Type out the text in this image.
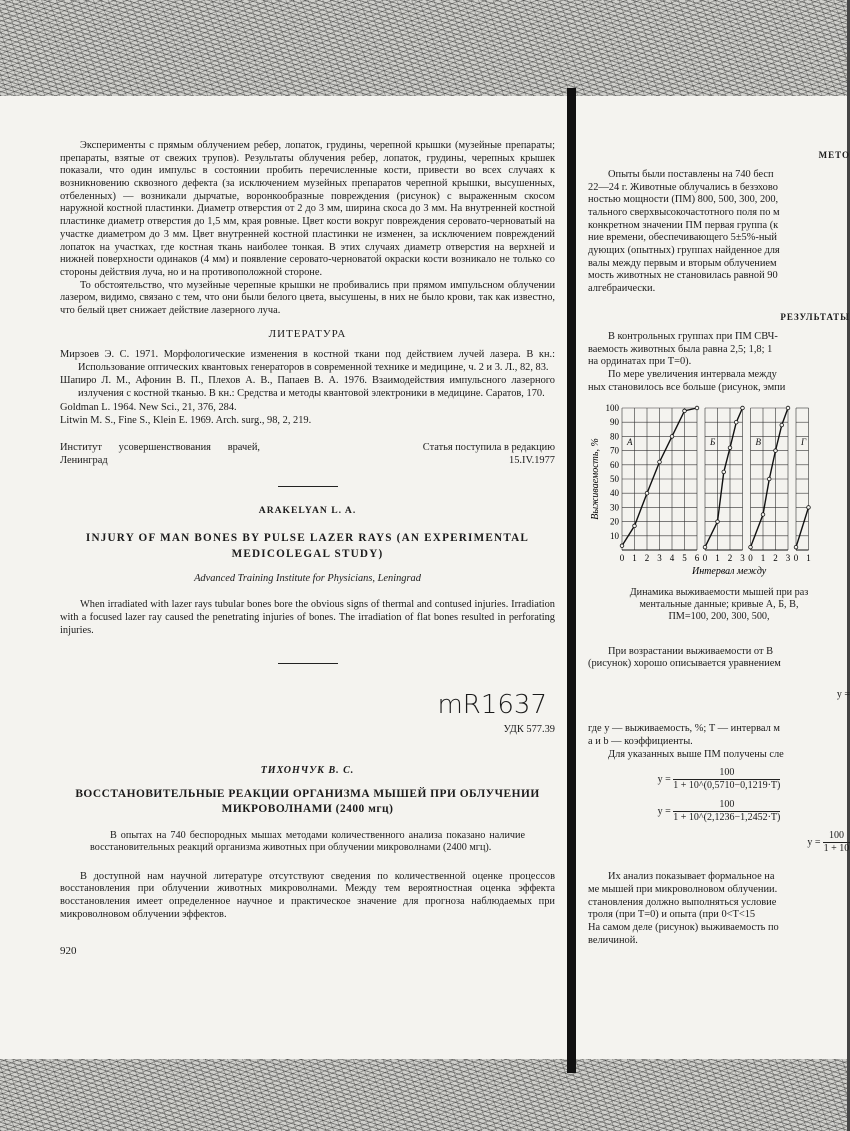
Эксперименты с прямым облучением ребер, лопаток, грудины, черепной крышки (музейные препараты; препараты, взятые от свежих трупов). Результаты облучения ребер, лопаток, грудины, черепных крышек показали, что один импульс в состоянии пробить перечисленные кости, привести во всех случаях к возникновению сквозного дефекта (за исключением музейных препаратов черепной крышки, высушенных, отбеленных) — возникали дырчатые, воронкообразные повреждения (рисунок) с выраженным скосом наружной костной пластинки. Диаметр отверстия от 2 до 3 мм, ширина скоса до 3 мм. На внутренней костной пластинке диаметр отверстия до 1,5 мм, края ровные. Цвет кости вокруг повреждения серовато-черноватый на участке диаметром до 3 мм. Цвет внутренней костной пластинки не изменен, за исключением повреждений лопаток на участках, где костная ткань наиболее тонкая. В этих случаях диаметр отверстия на верхней и нижней поверхности одинаков (4 мм) и появление серовато-черноватой окраски кости возникало не только со стороны действия луча, но и на противоположной стороне.

То обстоятельство, что музейные черепные крышки не пробивались при прямом импульсном облучении лазером, видимо, связано с тем, что они были белого цвета, высушены, в них не было крови, так как известно, что белый цвет снижает действие лазерного луча.

ЛИТЕРАТУРА

Мирзоев Э. С. 1971. Морфологические изменения в костной ткани под действием лучей лазера. В кн.: Использование оптических квантовых генераторов в современной технике и медицине, ч. 2 и 3. Л., 82, 83.

Шапиро Л. М., Афонин В. П., Плехов А. В., Папаев В. А. 1976. Взаимодействия импульсного лазерного излучения с костной тканью. В кн.: Средства и методы квантовой электроники в медицине. Саратов, 170.

Goldman L. 1964. New Sci., 21, 376, 284.

Litwin M. S., Fine S., Klein E. 1969. Arch. surg., 98, 2, 219.

Институт усовершенствования врачей, Ленинград
Статья поступила в редакцию 15.IV.1977
ARAKELYAN L. A.
INJURY OF MAN BONES BY PULSE LAZER RAYS (AN EXPERIMENTAL MEDICOLEGAL STUDY)
Advanced Training Institute for Physicians, Leningrad

When irradiated with lazer rays tubular bones bore the obvious signs of thermal and contused injuries. Irradiation with a focused lazer ray caused the penetrating injuries of bones. The irradiation of flat bones resulted in perforating injuries.

mR1637
УДК 577.39
ТИХОНЧУК В. С.
ВОССТАНОВИТЕЛЬНЫЕ РЕАКЦИИ ОРГАНИЗМА МЫШЕЙ ПРИ ОБЛУЧЕНИИ МИКРОВОЛНАМИ (2400 мгц)

В опытах на 740 беспородных мышах методами количественного анализа показано наличие восстановительных реакций организма животных при облучении микроволнами (2400 мгц).

В доступной нам научной литературе отсутствуют сведения по количественной оценке процессов восстановления при облучении животных микроволнами. Между тем вероятностная оценка эффекта восстановления имеет определенное научное и практическое значение для прогноза наблюдаемых при микроволновом облучении эффектов.

920
МЕТО

Опыты были поставлены на 740 бесп

22—24 г. Животные облучались в безэхово

ностью мощности (ПМ) 800, 500, 300, 200,

тального сверхвысокочастотного поля по м

конкретном значении ПМ первая группа (к

ние времени, обеспечивающего 5±5%-ный

дующих (опытных) группах найденное для

валы между первым и вторым облучением

мость животных не становилась равной 90

алгебраически.

РЕЗУЛЬТАТЫ

В контрольных группах при ПМ СВЧ-

ваемость животных была равна 2,5; 1,8; 1

на ординатах при T=0).

По мере увеличения интервала между

ных становилось все больше (рисунок, эмпи

Выживаемость, %
10
20
30
40
50
60
70
80
90
100
0 1 2 3 4 5 6
А
0 1 2 3
Б
0 1 2 3
В
0 1
Г
Интервал между
Динамика выживаемости мышей при раз
ментальные данные; кривые А, Б, В,
ПМ=100, 200, 300, 500,

При возрастании выживаемости от В

(рисунок) хорошо описывается уравнением

y =

где y — выживаемость, %; T — интервал м

a и b — коэффициенты.

Для указанных выше ПМ получены сле

$y = \frac{100}{1 + 10\^{}(0,5710-0,1219\cdot T)}$
$y = \frac{100}{1 + 10\^{}(2,1236-1,2452\cdot T)}$
$y = \frac{100}{1 + 10}$

Их анализ показывает формальное на

ме мышей при микроволновом облучении.

становления должно выполняться условие

троля (при T=0) и опыта (при 0<T<15

На самом деле (рисунок) выживаемость по

величиной.
